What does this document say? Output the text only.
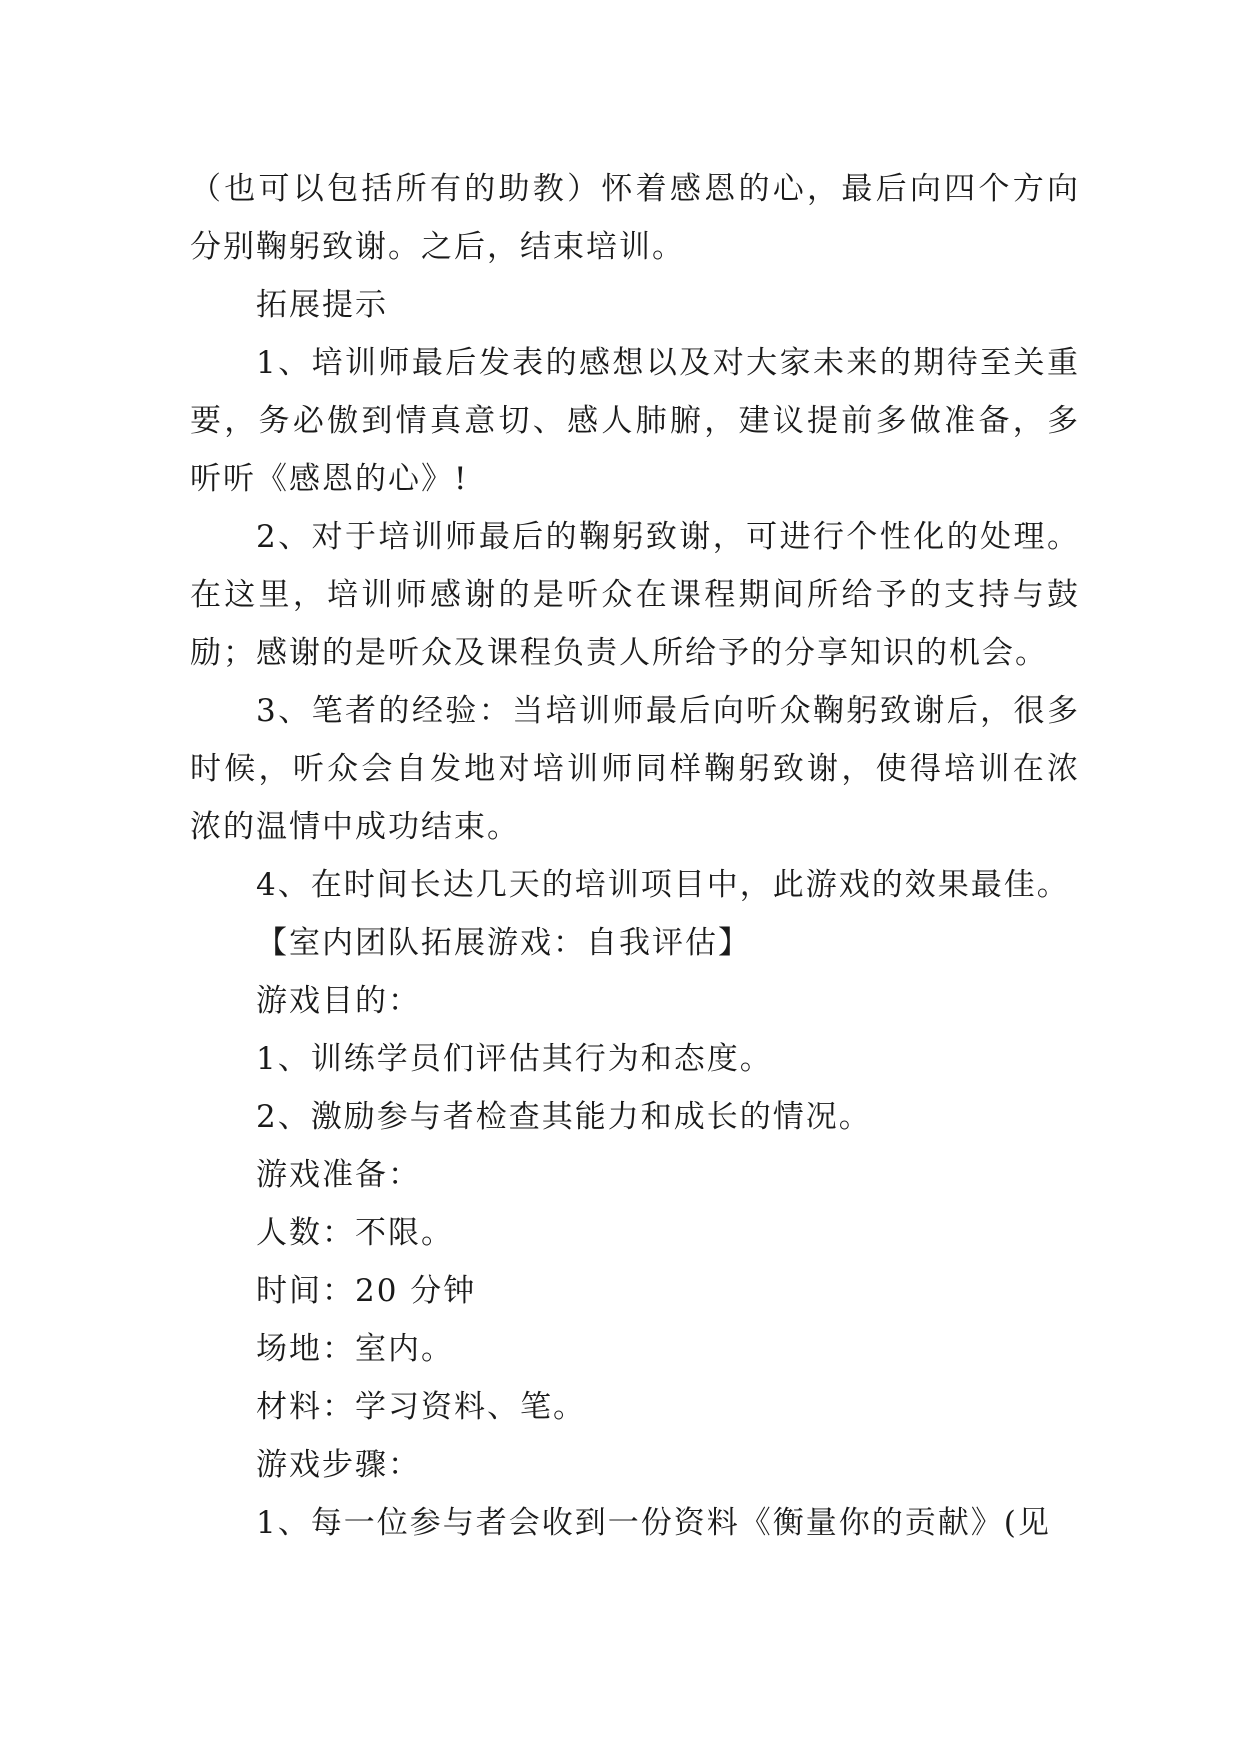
（也可以包括所有的助教）怀着感恩的心，最后向四个方向分别鞠躬致谢。之后，结束培训。

拓展提示

1、培训师最后发表的感想以及对大家未来的期待至关重要，务必傲到情真意切、感人肺腑，建议提前多做准备，多听听《感恩的心》!

2、对于培训师最后的鞠躬致谢，可进行个性化的处理。在这里，培训师感谢的是听众在课程期间所给予的支持与鼓励；感谢的是听众及课程负责人所给予的分享知识的机会。

3、笔者的经验：当培训师最后向听众鞠躬致谢后，很多时候，听众会自发地对培训师同样鞠躬致谢，使得培训在浓浓的温情中成功结束。

4、在时间长达几天的培训项目中，此游戏的效果最佳。

【室内团队拓展游戏：自我评估】

游戏目的：

1、训练学员们评估其行为和态度。

2、激励参与者检查其能力和成长的情况。

游戏准备：

人数：不限。

时间：20 分钟

场地：室内。

材料：学习资料、笔。

游戏步骤：

1、每一位参与者会收到一份资料《衡量你的贡献》(见
